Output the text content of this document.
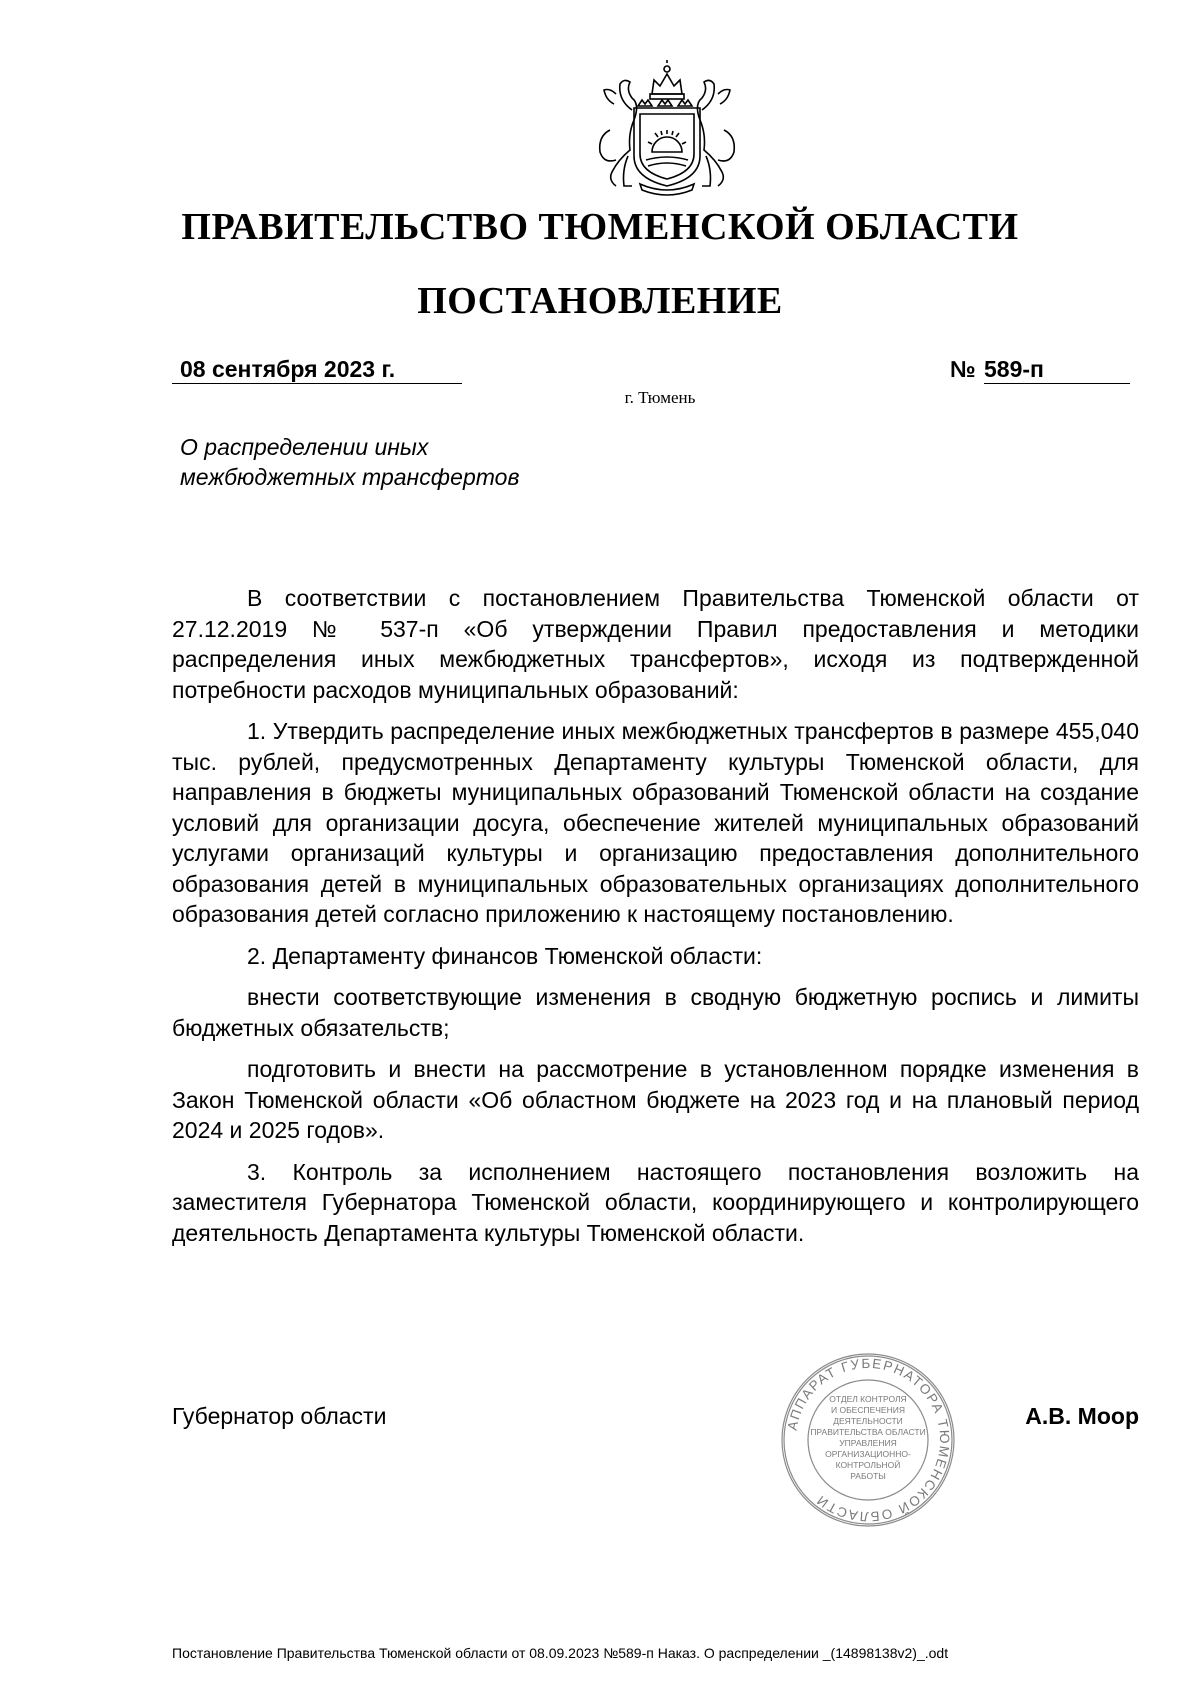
ПРАВИТЕЛЬСТВО ТЮМЕНСКОЙ ОБЛАСТИ
ПОСТАНОВЛЕНИЕ
08 сентября 2023 г.	№ 589-п
г. Тюмень
О распределении иных
межбюджетных трансфертов

В соответствии с постановлением Правительства Тюменской области от 27.12.2019 № 537-п «Об утверждении Правил предоставления и методики распределения иных межбюджетных трансфертов», исходя из подтвержденной потребности расходов муниципальных образований:

1. Утвердить распределение иных межбюджетных трансфертов в размере 455,040 тыс. рублей, предусмотренных Департаменту культуры Тюменской области, для направления в бюджеты муниципальных образований Тюменской области на создание условий для организации досуга, обеспечение жителей муниципальных образований услугами организаций культуры и организацию предоставления дополнительного образования детей в муниципальных образовательных организациях дополнительного образования детей согласно приложению к настоящему постановлению.

2. Департаменту финансов Тюменской области:

внести соответствующие изменения в сводную бюджетную роспись и лимиты бюджетных обязательств;

подготовить и внести на рассмотрение в установленном порядке изменения в Закон Тюменской области «Об областном бюджете на 2023 год и на плановый период 2024 и 2025 годов».

3. Контроль за исполнением настоящего постановления возложить на заместителя Губернатора Тюменской области, координирующего и контролирующего деятельность Департамента культуры Тюменской области.

Губернатор области	А.В. Моор
АППАРАТ ГУБЕРНАТОРА ТЮМЕНСКОЙ ОБЛАСТИ
ОТДЕЛ КОНТРОЛЯ
И ОБЕСПЕЧЕНИЯ
ДЕЯТЕЛЬНОСТИ
ПРАВИТЕЛЬСТВА ОБЛАСТИ
УПРАВЛЕНИЯ
ОРГАНИЗАЦИОННО-
КОНТРОЛЬНОЙ
РАБОТЫ
Постановление Правительства Тюменской области от 08.09.2023 №589-п Наказ. О распределении _(14898138v2)_.odt
